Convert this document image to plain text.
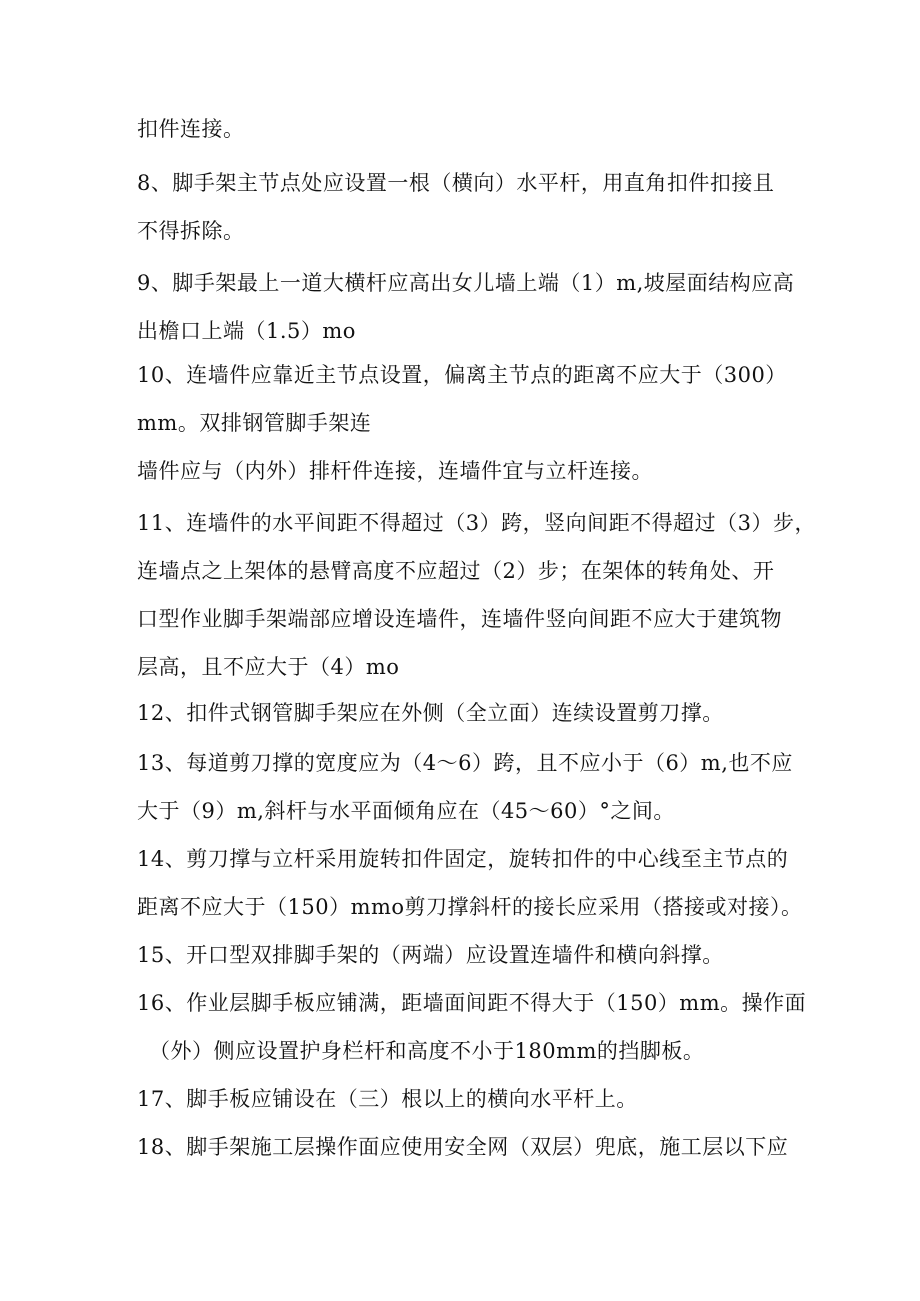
扣件连接。
8、脚手架主节点处应设置一根（横向）水平杆，用直角扣件扣接且
不得拆除。
9、脚手架最上一道大横杆应高出女儿墙上端（1）m,坡屋面结构应高
出檐口上端（1.5）mo
10、连墙件应靠近主节点设置，偏离主节点的距离不应大于（300）
mm。双排钢管脚手架连
墙件应与（内外）排杆件连接，连墙件宜与立杆连接。
11、连墙件的水平间距不得超过（3）跨，竖向间距不得超过（3）步，
连墙点之上架体的悬臂高度不应超过（2）步；在架体的转角处、开
口型作业脚手架端部应增设连墙件，连墙件竖向间距不应大于建筑物
层高，且不应大于（4）mo
12、扣件式钢管脚手架应在外侧（全立面）连续设置剪刀撑。
13、每道剪刀撑的宽度应为（4～6）跨，且不应小于（6）m,也不应
大于（9）m,斜杆与水平面倾角应在（45～60）°之间。
14、剪刀撑与立杆采用旋转扣件固定，旋转扣件的中心线至主节点的
距离不应大于（150）mmo剪刀撑斜杆的接长应采用（搭接或对接）。
15、开口型双排脚手架的（两端）应设置连墙件和横向斜撑。
16、作业层脚手板应铺满，距墙面间距不得大于（150）mm。操作面
（外）侧应设置护身栏杆和高度不小于180mm的挡脚板。
17、脚手板应铺设在（三）根以上的横向水平杆上。
18、脚手架施工层操作面应使用安全网（双层）兜底，施工层以下应
